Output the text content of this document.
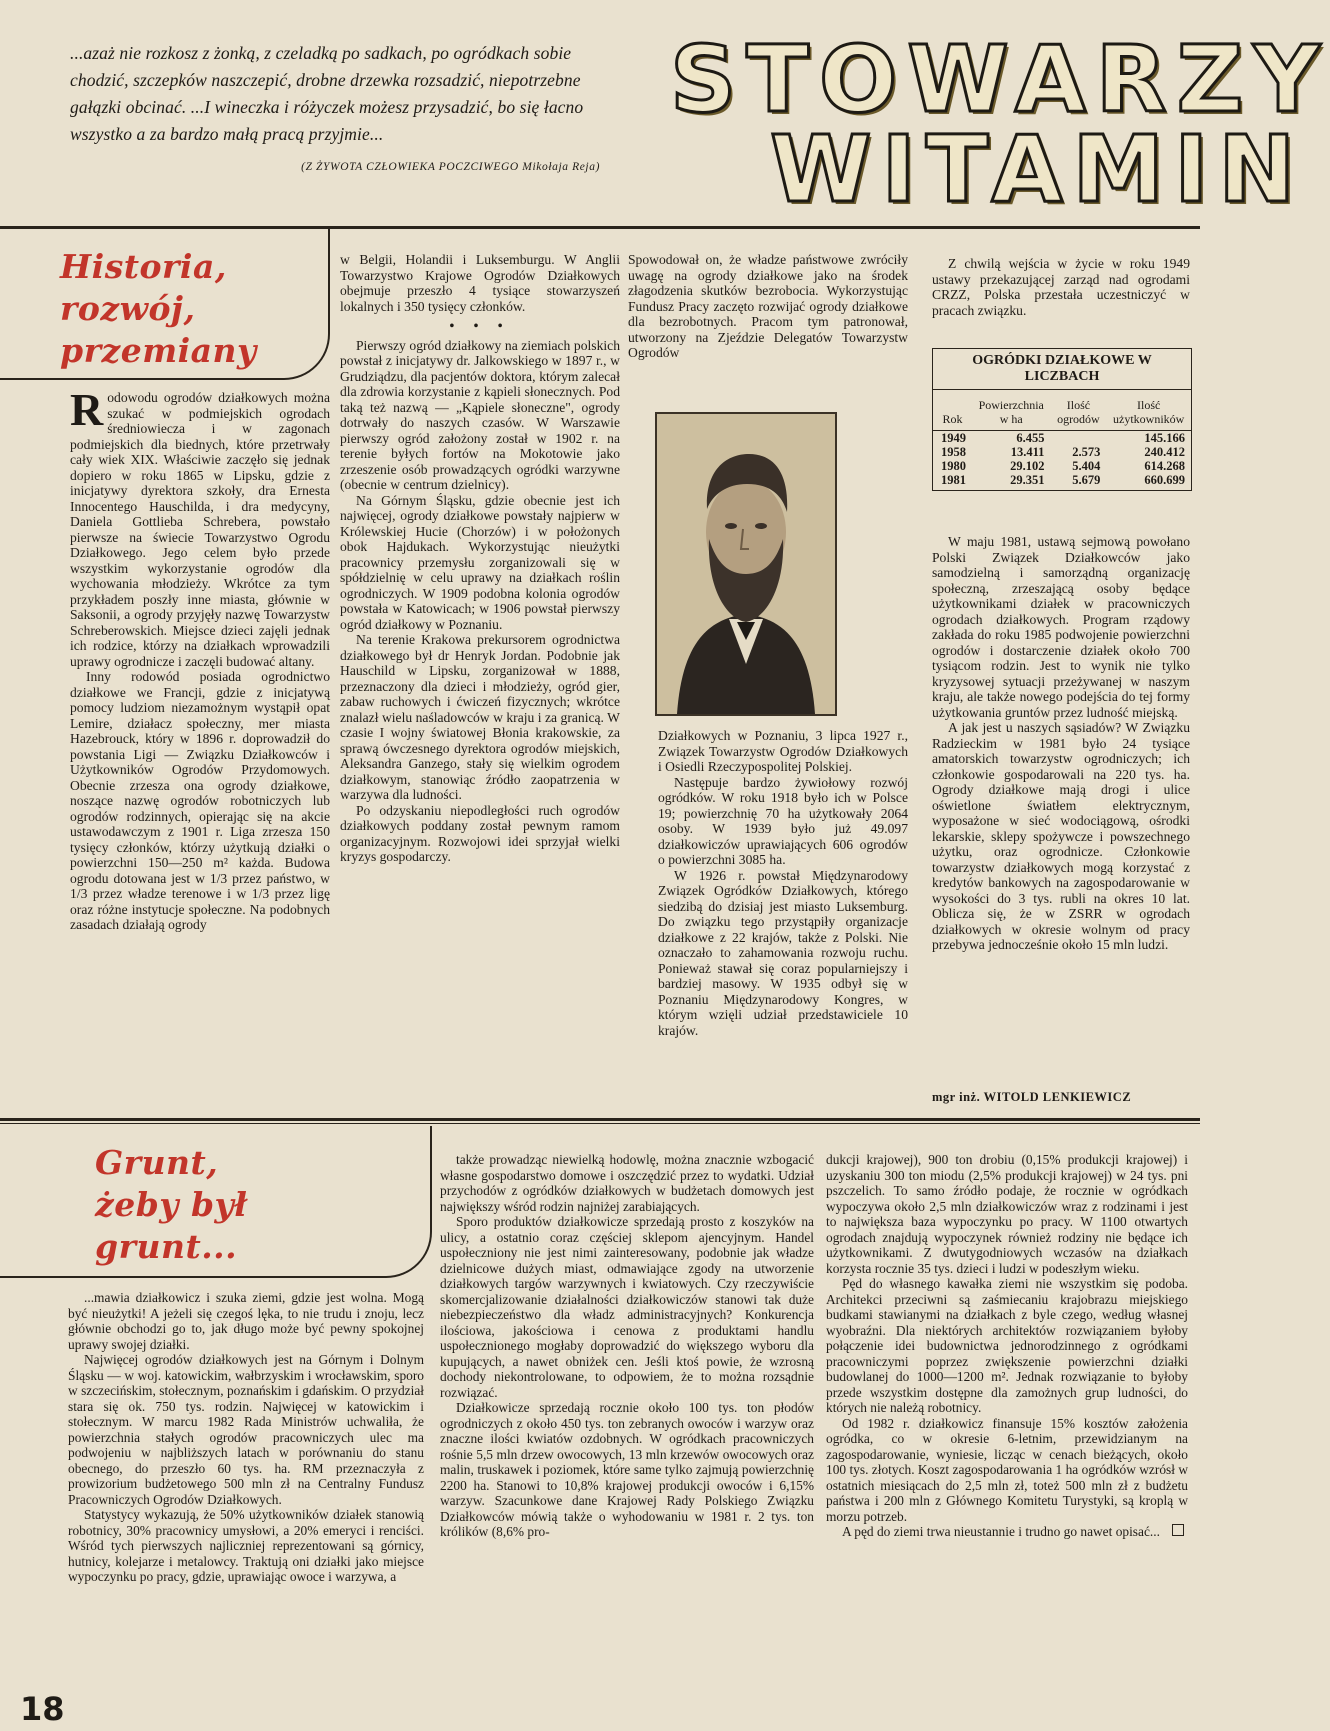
...azaż nie rozkosz z żonką, z czeladką po sadkach, po ogródkach sobie chodzić, szczepków naszczepić, drobne drzewka rozsadzić, niepotrzebne gałązki obcinać. ...I wineczka i różyczek możesz przysadzić, bo się łacno wszystko a za bardzo małą pracą przyjmie...
(Z ŻYWOTA CZŁOWIEKA POCZCIWEGO Mikołaja Reja)
STOWARZY
WITAMIN
Historia,
rozwój,
przemiany

Rodowodu ogrodów działkowych można szukać w podmiejskich ogrodach średniowiecza i w zagonach podmiejskich dla biednych, które przetrwały cały wiek XIX. Właściwie zaczęło się jednak dopiero w roku 1865 w Lipsku, gdzie z inicjatywy dyrektora szkoły, dra Ernesta Innocentego Hauschilda, i dra medycyny, Daniela Gottlieba Schrebera, powstało pierwsze na świecie Towarzystwo Ogrodu Działkowego. Jego celem było przede wszystkim wykorzystanie ogrodów dla wychowania młodzieży. Wkrótce za tym przykładem poszły inne miasta, głównie w Saksonii, a ogrody przyjęły nazwę Towarzystw Schreberowskich. Miejsce dzieci zajęli jednak ich rodzice, którzy na działkach wprowadzili uprawy ogrodnicze i zaczęli budować altany.

Inny rodowód posiada ogrodnictwo działkowe we Francji, gdzie z inicjatywą pomocy ludziom niezamożnym wystąpił opat Lemire, działacz społeczny, mer miasta Hazebrouck, który w 1896 r. doprowadził do powstania Ligi — Związku Działkowców i Użytkowników Ogrodów Przydomowych. Obecnie zrzesza ona ogrody działkowe, noszące nazwę ogrodów robotniczych lub ogrodów rodzinnych, opierając się na akcie ustawodawczym z 1901 r. Liga zrzesza 150 tysięcy członków, którzy użytkują działki o powierzchni 150—250 m² każda. Budowa ogrodu dotowana jest w 1/3 przez państwo, w 1/3 przez władze terenowe i w 1/3 przez ligę oraz różne instytucje społeczne. Na podobnych zasadach działają ogrody

w Belgii, Holandii i Luksemburgu. W Anglii Towarzystwo Krajowe Ogrodów Działkowych obejmuje przeszło 4 tysiące stowarzyszeń lokalnych i 350 tysięcy członków.

• • •

Pierwszy ogród działkowy na ziemiach polskich powstał z inicjatywy dr. Jalkowskiego w 1897 r., w Grudziądzu, dla pacjentów doktora, którym zalecał dla zdrowia korzystanie z kąpieli słonecznych. Pod taką też nazwą — „Kąpiele słoneczne", ogrody dotrwały do naszych czasów. W Warszawie pierwszy ogród założony został w 1902 r. na terenie byłych fortów na Mokotowie jako zrzeszenie osób prowadzących ogródki warzywne (obecnie w centrum dzielnicy).

Na Górnym Śląsku, gdzie obecnie jest ich najwięcej, ogrody działkowe powstały najpierw w Królewskiej Hucie (Chorzów) i w położonych obok Hajdukach. Wykorzystując nieużytki pracownicy przemysłu zorganizowali się w spółdzielnię w celu uprawy na działkach roślin ogrodniczych. W 1909 podobna kolonia ogrodów powstała w Katowicach; w 1906 powstał pierwszy ogród działkowy w Poznaniu.

Na terenie Krakowa prekursorem ogrodnictwa działkowego był dr Henryk Jordan. Podobnie jak Hauschild w Lipsku, zorganizował w 1888, przeznaczony dla dzieci i młodzieży, ogród gier, zabaw ruchowych i ćwiczeń fizycznych; wkrótce znalazł wielu naśladowców w kraju i za granicą. W czasie I wojny światowej Błonia krakowskie, za sprawą ówczesnego dyrektora ogrodów miejskich, Aleksandra Ganzego, stały się wielkim ogrodem działkowym, stanowiąc źródło zaopatrzenia w warzywa dla ludności.

Po odzyskaniu niepodległości ruch ogrodów działkowych poddany został pewnym ramom organizacyjnym. Rozwojowi idei sprzyjał wielki kryzys gospodarczy.

Spowodował on, że władze państwowe zwróciły uwagę na ogrody działkowe jako na środek złagodzenia skutków bezrobocia. Wykorzystując Fundusz Pracy zaczęto rozwijać ogrody działkowe dla bezrobotnych. Pracom tym patronował, utworzony na Zjeździe Delegatów Towarzystw Ogrodów

Działkowych w Poznaniu, 3 lipca 1927 r., Związek Towarzystw Ogrodów Działkowych i Osiedli Rzeczypospolitej Polskiej.

Następuje bardzo żywiołowy rozwój ogródków. W roku 1918 było ich w Polsce 19; powierzchnię 70 ha użytkowały 2064 osoby. W 1939 było już 49.097 działkowiczów uprawiających 606 ogrodów o powierzchni 3085 ha.

W 1926 r. powstał Międzynarodowy Związek Ogródków Działkowych, którego siedzibą do dzisiaj jest miasto Luksemburg. Do związku tego przystąpiły organizacje działkowe z 22 krajów, także z Polski. Nie oznaczało to zahamowania rozwoju ruchu. Ponieważ stawał się coraz popularniejszy i bardziej masowy. W 1935 odbył się w Poznaniu Międzynarodowy Kongres, w którym wzięli udział przedstawiciele 10 krajów.

Z chwilą wejścia w życie w roku 1949 ustawy przekazującej zarząd nad ogrodami CRZZ, Polska przestała uczestniczyć w pracach związku.

OGRÓDKI DZIAŁKOWE W LICZBACH
Rok	Powierzchnia w ha	Ilość ogrodów	Ilość użytkowników

1949	6.455		145.166
1958	13.411	2.573	240.412
1980	29.102	5.404	614.268
1981	29.351	5.679	660.699

W maju 1981, ustawą sejmową powołano Polski Związek Działkowców jako samodzielną i samorządną organizację społeczną, zrzeszającą osoby będące użytkownikami działek w pracowniczych ogrodach działkowych. Program rządowy zakłada do roku 1985 podwojenie powierzchni ogrodów i dostarczenie działek około 700 tysiącom rodzin. Jest to wynik nie tylko kryzysowej sytuacji przeżywanej w naszym kraju, ale także nowego podejścia do tej formy użytkowania gruntów przez ludność miejską.

A jak jest u naszych sąsiadów? W Związku Radzieckim w 1981 było 24 tysiące amatorskich towarzystw ogrodniczych; ich członkowie gospodarowali na 220 tys. ha. Ogrody działkowe mają drogi i ulice oświetlone światłem elektrycznym, wyposażone w sieć wodociągową, ośrodki lekarskie, sklepy spożywcze i powszechnego użytku, oraz ogrodnicze. Członkowie towarzystw działkowych mogą korzystać z kredytów bankowych na zagospodarowanie w wysokości do 3 tys. rubli na okres 10 lat. Oblicza się, że w ZSRR w ogrodach działkowych w okresie wolnym od pracy przebywa jednocześnie około 15 mln ludzi.

mgr inż. WITOLD LENKIEWICZ
Grunt,
żeby był
grunt...

...mawia działkowicz i szuka ziemi, gdzie jest wolna. Mogą być nieużytki! A jeżeli się czegoś lęka, to nie trudu i znoju, lecz głównie obchodzi go to, jak długo może być pewny spokojnej uprawy swojej działki.

Najwięcej ogrodów działkowych jest na Górnym i Dolnym Śląsku — w woj. katowickim, wałbrzyskim i wrocławskim, sporo w szczecińskim, stołecznym, poznańskim i gdańskim. O przydział stara się ok. 750 tys. rodzin. Najwięcej w katowickim i stołecznym. W marcu 1982 Rada Ministrów uchwaliła, że powierzchnia stałych ogrodów pracowniczych ulec ma podwojeniu w najbliższych latach w porównaniu do stanu obecnego, do przeszło 60 tys. ha. RM przeznaczyła z prowizorium budżetowego 500 mln zł na Centralny Fundusz Pracowniczych Ogrodów Działkowych.

Statystycy wykazują, że 50% użytkowników działek stanowią robotnicy, 30% pracownicy umysłowi, a 20% emeryci i renciści. Wśród tych pierwszych najliczniej reprezentowani są górnicy, hutnicy, kolejarze i metalowcy. Traktują oni działki jako miejsce wypoczynku po pracy, gdzie, uprawiając owoce i warzywa, a

także prowadząc niewielką hodowlę, można znacznie wzbogacić własne gospodarstwo domowe i oszczędzić przez to wydatki. Udział przychodów z ogródków działkowych w budżetach domowych jest największy wśród rodzin najniżej zarabiających.

Sporo produktów działkowicze sprzedają prosto z koszyków na ulicy, a ostatnio coraz częściej sklepom ajencyjnym. Handel uspołeczniony nie jest nimi zainteresowany, podobnie jak władze dzielnicowe dużych miast, odmawiające zgody na utworzenie działkowych targów warzywnych i kwiatowych. Czy rzeczywiście skomercjalizowanie działalności działkowiczów stanowi tak duże niebezpieczeństwo dla władz administracyjnych? Konkurencja ilościowa, jakościowa i cenowa z produktami handlu uspołecznionego mogłaby doprowadzić do większego wyboru dla kupujących, a nawet obniżek cen. Jeśli ktoś powie, że wzrosną dochody niekontrolowane, to odpowiem, że to można rozsądnie rozwiązać.

Działkowicze sprzedają rocznie około 100 tys. ton płodów ogrodniczych z około 450 tys. ton zebranych owoców i warzyw oraz znaczne ilości kwiatów ozdobnych. W ogródkach pracowniczych rośnie 5,5 mln drzew owocowych, 13 mln krzewów owocowych oraz malin, truskawek i poziomek, które same tylko zajmują powierzchnię 2200 ha. Stanowi to 10,8% krajowej produkcji owoców i 6,15% warzyw. Szacunkowe dane Krajowej Rady Polskiego Związku Działkowców mówią także o wyhodowaniu w 1981 r. 2 tys. ton królików (8,6% pro-

dukcji krajowej), 900 ton drobiu (0,15% produkcji krajowej) i uzyskaniu 300 ton miodu (2,5% produkcji krajowej) w 24 tys. pni pszczelich. To samo źródło podaje, że rocznie w ogródkach wypoczywa około 2,5 mln działkowiczów wraz z rodzinami i jest to największa baza wypoczynku po pracy. W 1100 otwartych ogrodach znajdują wypoczynek również rodziny nie będące ich użytkownikami. Z dwutygodniowych wczasów na działkach korzysta rocznie 35 tys. dzieci i ludzi w podeszłym wieku.

Pęd do własnego kawałka ziemi nie wszystkim się podoba. Architekci przeciwni są zaśmiecaniu krajobrazu miejskiego budkami stawianymi na działkach z byle czego, według własnej wyobraźni. Dla niektórych architektów rozwiązaniem byłoby połączenie idei budownictwa jednorodzinnego z ogródkami pracowniczymi poprzez zwiększenie powierzchni działki budowlanej do 1000—1200 m². Jednak rozwiązanie to byłoby przede wszystkim dostępne dla zamożnych grup ludności, do których nie należą robotnicy.

Od 1982 r. działkowicz finansuje 15% kosztów założenia ogródka, co w okresie 6-letnim, przewidzianym na zagospodarowanie, wyniesie, licząc w cenach bieżących, około 100 tys. złotych. Koszt zagospodarowania 1 ha ogródków wzrósł w ostatnich miesiącach do 2,5 mln zł, toteż 500 mln zł z budżetu państwa i 200 mln z Głównego Komitetu Turystyki, są kroplą w morzu potrzeb.

A pęd do ziemi trwa nieustannie i trudno go nawet opisać...

18
